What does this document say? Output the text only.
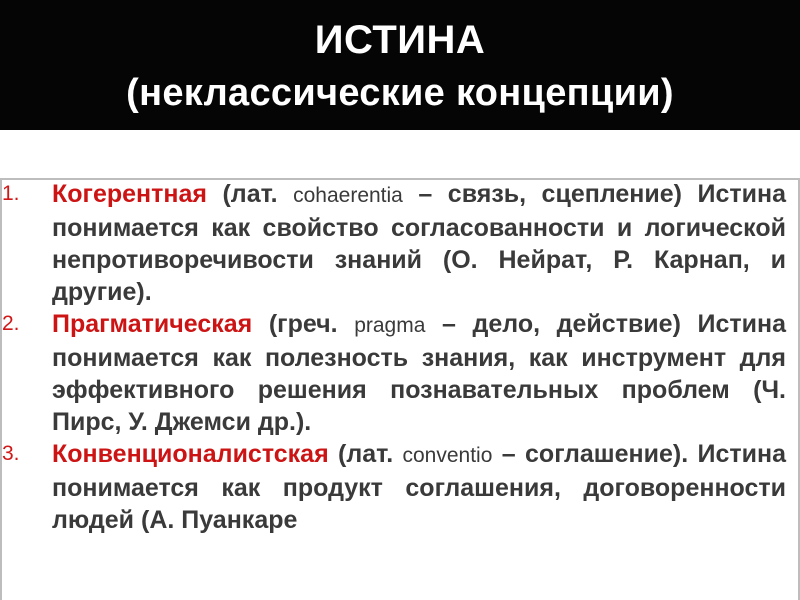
ИСТИНА
(неклассические концепции)

1.	Когерентная (лат. cohaerentia – связь, сцепление) Истина понимается как свойство согласованности и логической непротиворечивости знаний (О. Нейрат, Р. Карнап, и другие).

2.	Прагматическая (греч. pragma – дело, действие) Истина понимается как полезность знания, как инструмент для эффективного решения познавательных проблем (Ч. Пирс, У. Джемси др.).

3.	Конвенционалистская (лат. conventio – соглашение). Истина понимается как продукт соглашения, договоренности людей (А. Пуанкаре
